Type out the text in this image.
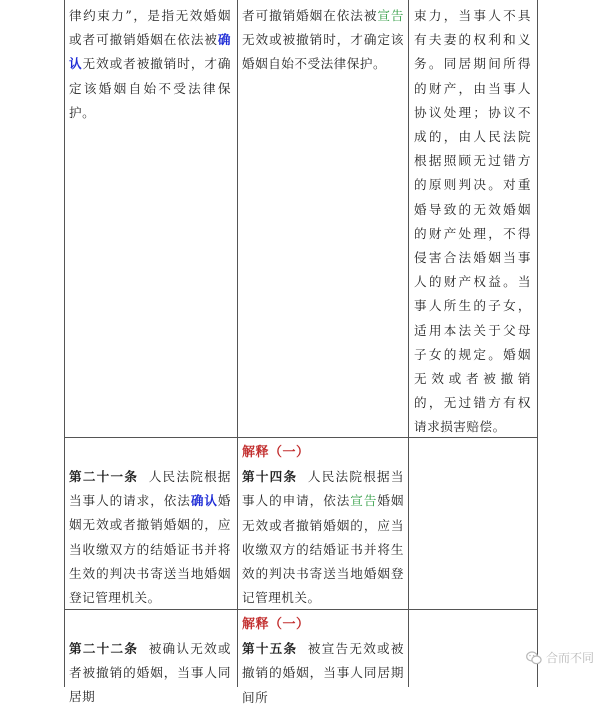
律约束力”，是指无效婚姻或者可撤销婚姻在依法被确认无效或者被撤销时，才确定该婚姻自始不受法律保护。
者可撤销婚姻在依法被宣告无效或被撤销时，才确定该婚姻自始不受法律保护。
束力，当事人不具有夫妻的权利和义务。同居期间所得的财产，由当事人协议处理；协议不成的，由人民法院根据照顾无过错方的原则判决。对重婚导致的无效婚姻的财产处理，不得侵害合法婚姻当事人的财产权益。当事人所生的子女，适用本法关于父母子女的规定。婚姻无效或者被撤销的，无过错方有权请求损害赔偿。
第二十一条 人民法院根据当事人的请求，依法确认婚姻无效或者撤销婚姻的，应当收缴双方的结婚证书并将生效的判决书寄送当地婚姻登记管理机关。
解释（一）
第十四条 人民法院根据当事人的申请，依法宣告婚姻无效或者撤销婚姻的，应当收缴双方的结婚证书并将生效的判决书寄送当地婚姻登记管理机关。
第二十二条 被确认无效或者被撤销的婚姻，当事人同居期
解释（一）
第十五条 被宣告无效或被撤销的婚姻，当事人同居期间所
合而不同
